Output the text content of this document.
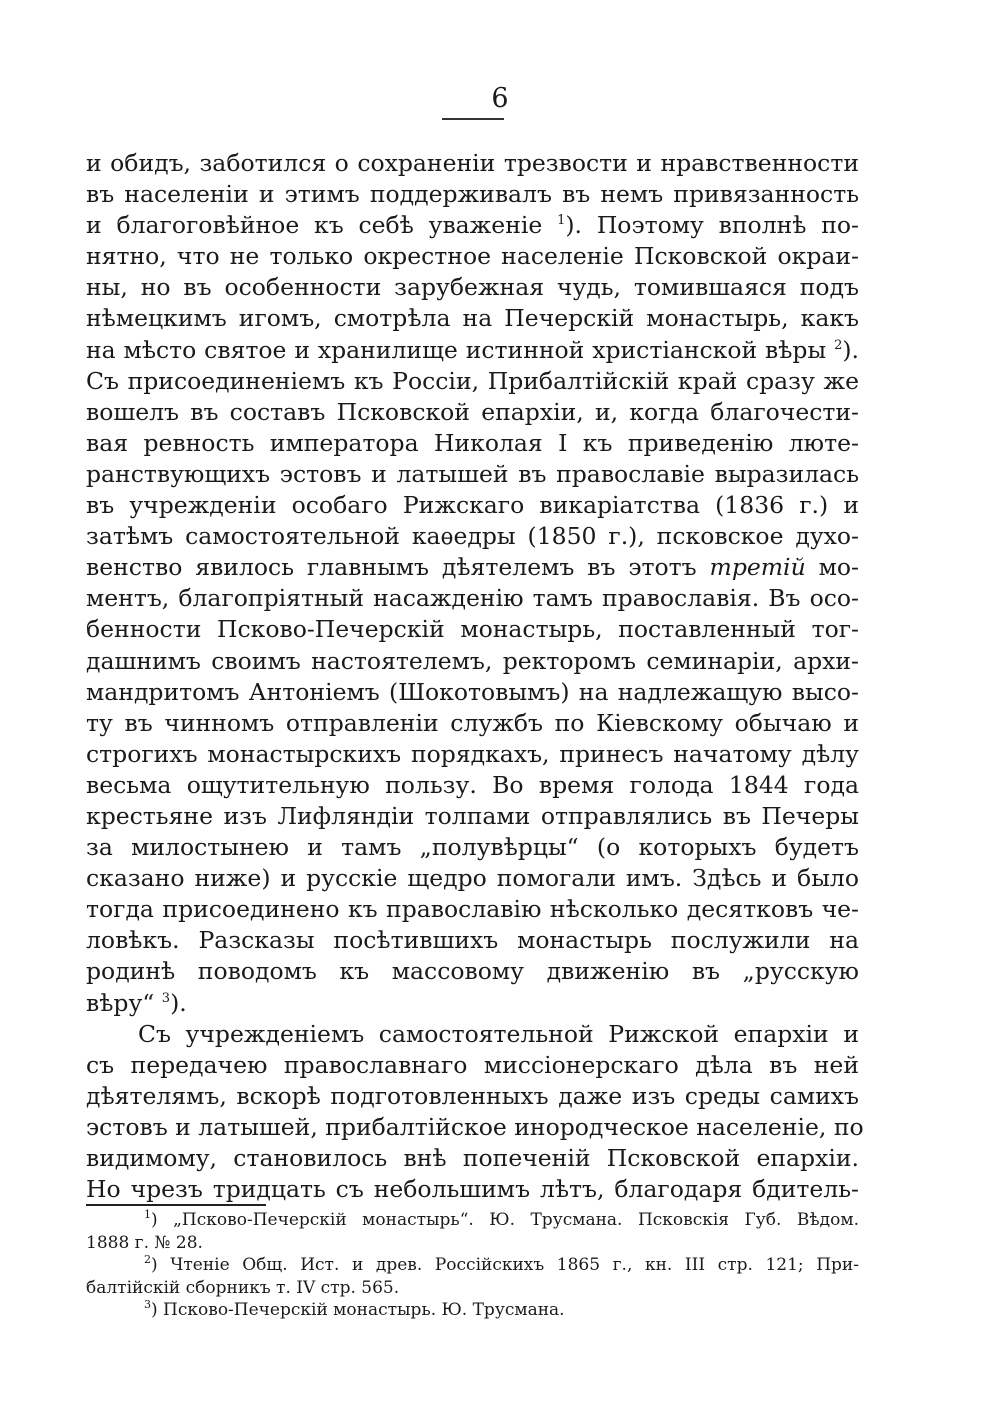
6
и обидъ, заботился о сохраненіи трезвости и нравственности
въ населеніи и этимъ поддерживалъ въ немъ привязанность
и благоговѣйное къ себѣ уваженіе $^1$). Поэтому вполнѣ по-
нятно, что не только окрестное населеніе Псковской окраи-
ны, но въ особенности зарубежная чудь, томившаяся подъ
нѣмецкимъ игомъ, смотрѣла на Печерскій монастырь, какъ
на мѣсто святое и хранилище истинной христіанской вѣры $^2$).
Съ присоединеніемъ къ Россіи, Прибалтійскій край сразу же
вошелъ въ составъ Псковской епархіи, и, когда благочести-
вая ревность императора Николая I къ приведенію люте-
ранствующихъ эстовъ и латышей въ православіе выразилась
въ учрежденіи особаго Рижскаго викаріатства (1836 г.) и
затѣмъ самостоятельной каѳедры (1850 г.), псковское духо-
венство явилось главнымъ дѣятелемъ въ этотъ третій мо-
ментъ, благопріятный насажденію тамъ православія. Въ осо-
бенности Псково-Печерскій монастырь, поставленный тог-
дашнимъ своимъ настоятелемъ, ректоромъ семинаріи, архи-
мандритомъ Антоніемъ (Шокотовымъ) на надлежащую высо-
ту въ чинномъ отправленіи службъ по Кіевскому обычаю и
строгихъ монастырскихъ порядкахъ, принесъ начатому дѣлу
весьма ощутительную пользу. Во время голода 1844 года
крестьяне изъ Лифляндіи толпами отправлялись въ Печеры
за милостынею и тамъ „полувѣрцы“ (о которыхъ будетъ
сказано ниже) и русскіе щедро помогали имъ. Здѣсь и было
тогда присоединено къ православію нѣсколько десятковъ че-
ловѣкъ. Разсказы посѣтившихъ монастырь послужили на
родинѣ поводомъ къ массовому движенію въ „русскую
вѣру“ $^3$).
Съ учрежденіемъ самостоятельной Рижской епархіи и
съ передачею православнаго миссіонерскаго дѣла въ ней
дѣятелямъ, вскорѣ подготовленныхъ даже изъ среды самихъ
эстовъ и латышей, прибалтійское инородческое населеніе, по
видимому, становилось внѣ попеченій Псковской епархіи.
Но чрезъ тридцать съ небольшимъ лѣтъ, благодаря бдитель-
$^1$) „Псково-Печерскій монастырь“. Ю. Трусмана. Псковскія Губ. Вѣдом.
1888 г. № 28.
$^2$) Чтеніе Общ. Ист. и древ. Россійскихъ 1865 г., кн. III стр. 121; При-
балтійскій сборникъ т. IV стр. 565.
$^3$) Псково-Печерскій монастырь. Ю. Трусмана.
